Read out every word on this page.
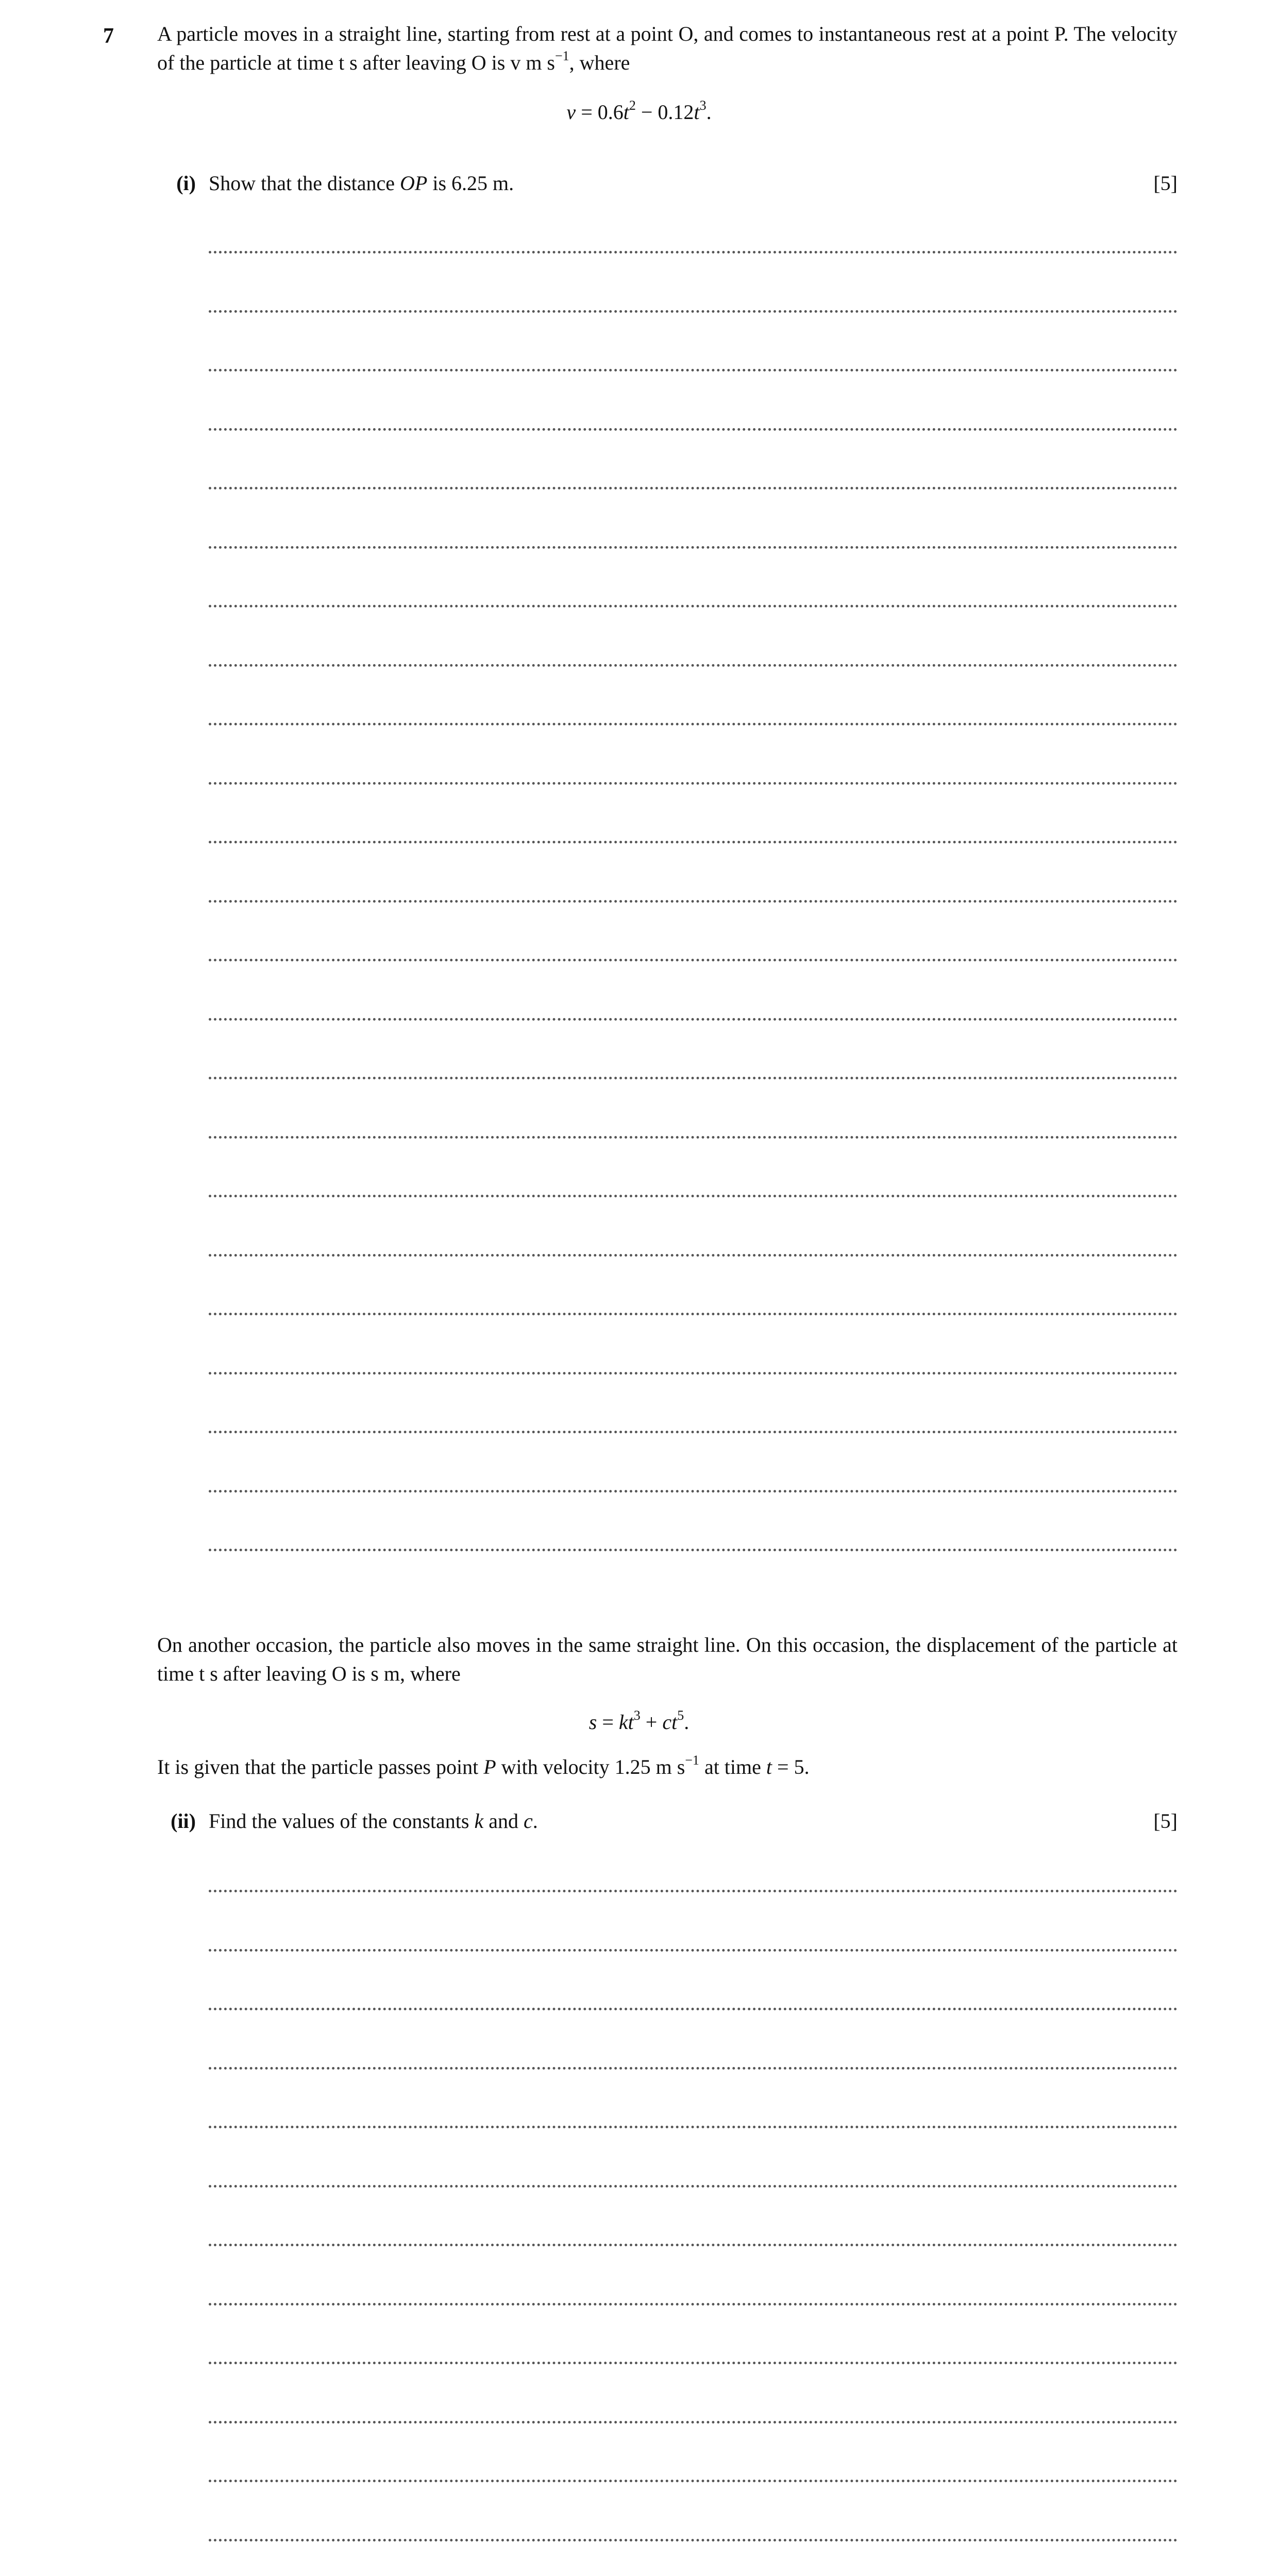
7 A particle moves in a straight line, starting from rest at a point O, and comes to instantaneous rest at a point P. The velocity of the particle at time t s after leaving O is v m $s^{-1}$, where
$v = 0.6t^2 - 0.12t^3$.
(i) Show that the distance OP is 6.25 m.	[5]
On another occasion, the particle also moves in the same straight line. On this occasion, the displacement of the particle at time t s after leaving O is s m, where
$s = kt^3 + ct^5$.
It is given that the particle passes point P with velocity 1.25 m $s^{-1}$ at time t = 5.
(ii) Find the values of the constants k and c.	[5]
